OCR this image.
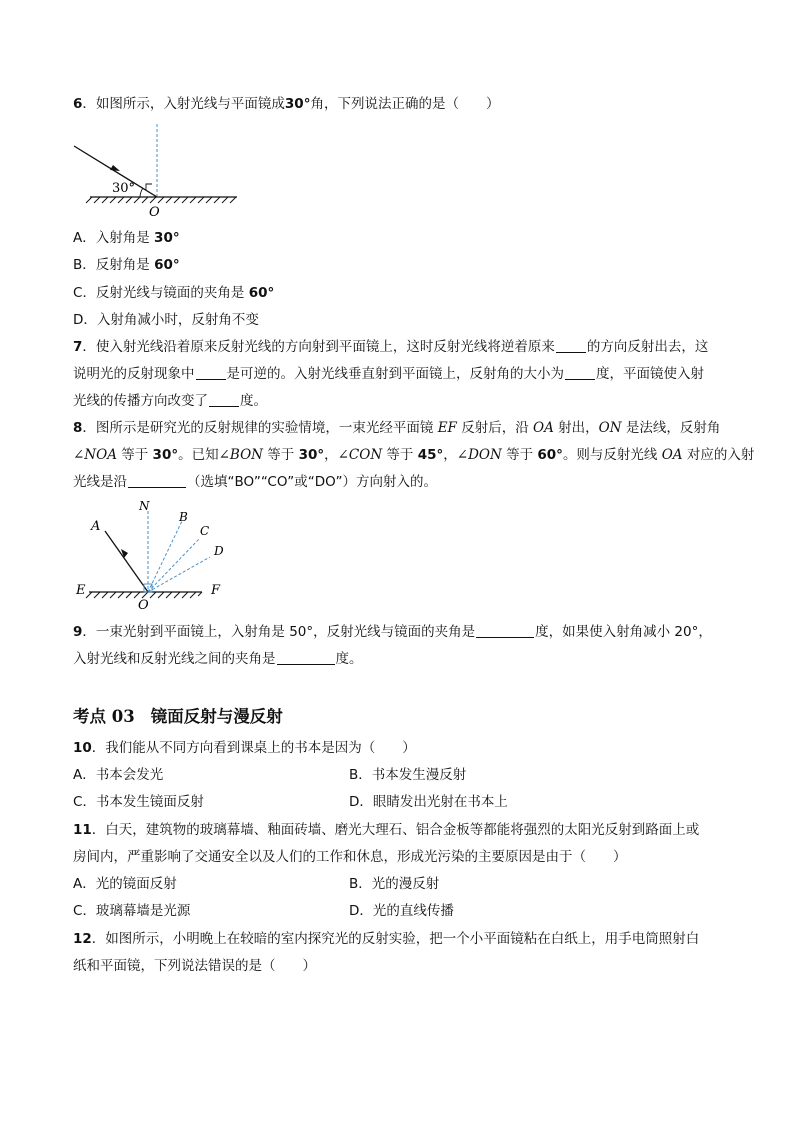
6．如图所示，入射光线与平面镜成30°角，下列说法正确的是（　　）
30°
O
A．入射角是 30°
B．反射角是 60°
C．反射光线与镜面的夹角是 60°
D．入射角减小时，反射角不变
7．使入射光线沿着原来反射光线的方向射到平面镜上，这时反射光线将逆着原来 的方向反射出去，这
说明光的反射现象中 是可逆的。入射光线垂直射到平面镜上，反射角的大小为 度，平面镜使入射
光线的传播方向改变了 度。
8．图所示是研究光的反射规律的实验情境，一束光经平面镜 EF 反射后，沿 OA 射出，ON 是法线，反射角
∠NOA 等于 30°。已知∠BON 等于 30°，∠CON 等于 45°，∠DON 等于 60°。则与反射光线 OA 对应的入射
光线是沿	（选填“BO”“CO”或“DO”）方向射入的。
A
N
B
C
D
E	F
O
9．一束光射到平面镜上，入射角是 50°，反射光线与镜面的夹角是	度，如果使入射角减小 20°，
入射光线和反射光线之间的夹角是	度。
考点 03 镜面反射与漫反射
10．我们能从不同方向看到课桌上的书本是因为（　　）
A．书本会发光	B．书本发生漫反射
C．书本发生镜面反射	D．眼睛发出光射在书本上
11．白天，建筑物的玻璃幕墙、釉面砖墙、磨光大理石、铝合金板等都能将强烈的太阳光反射到路面上或
房间内，严重影响了交通安全以及人们的工作和休息，形成光污染的主要原因是由于（　　）
A．光的镜面反射	B．光的漫反射
C．玻璃幕墙是光源	D．光的直线传播
12．如图所示，小明晚上在较暗的室内探究光的反射实验，把一个小平面镜粘在白纸上，用手电筒照射白
纸和平面镜，下列说法错误的是（　　）
